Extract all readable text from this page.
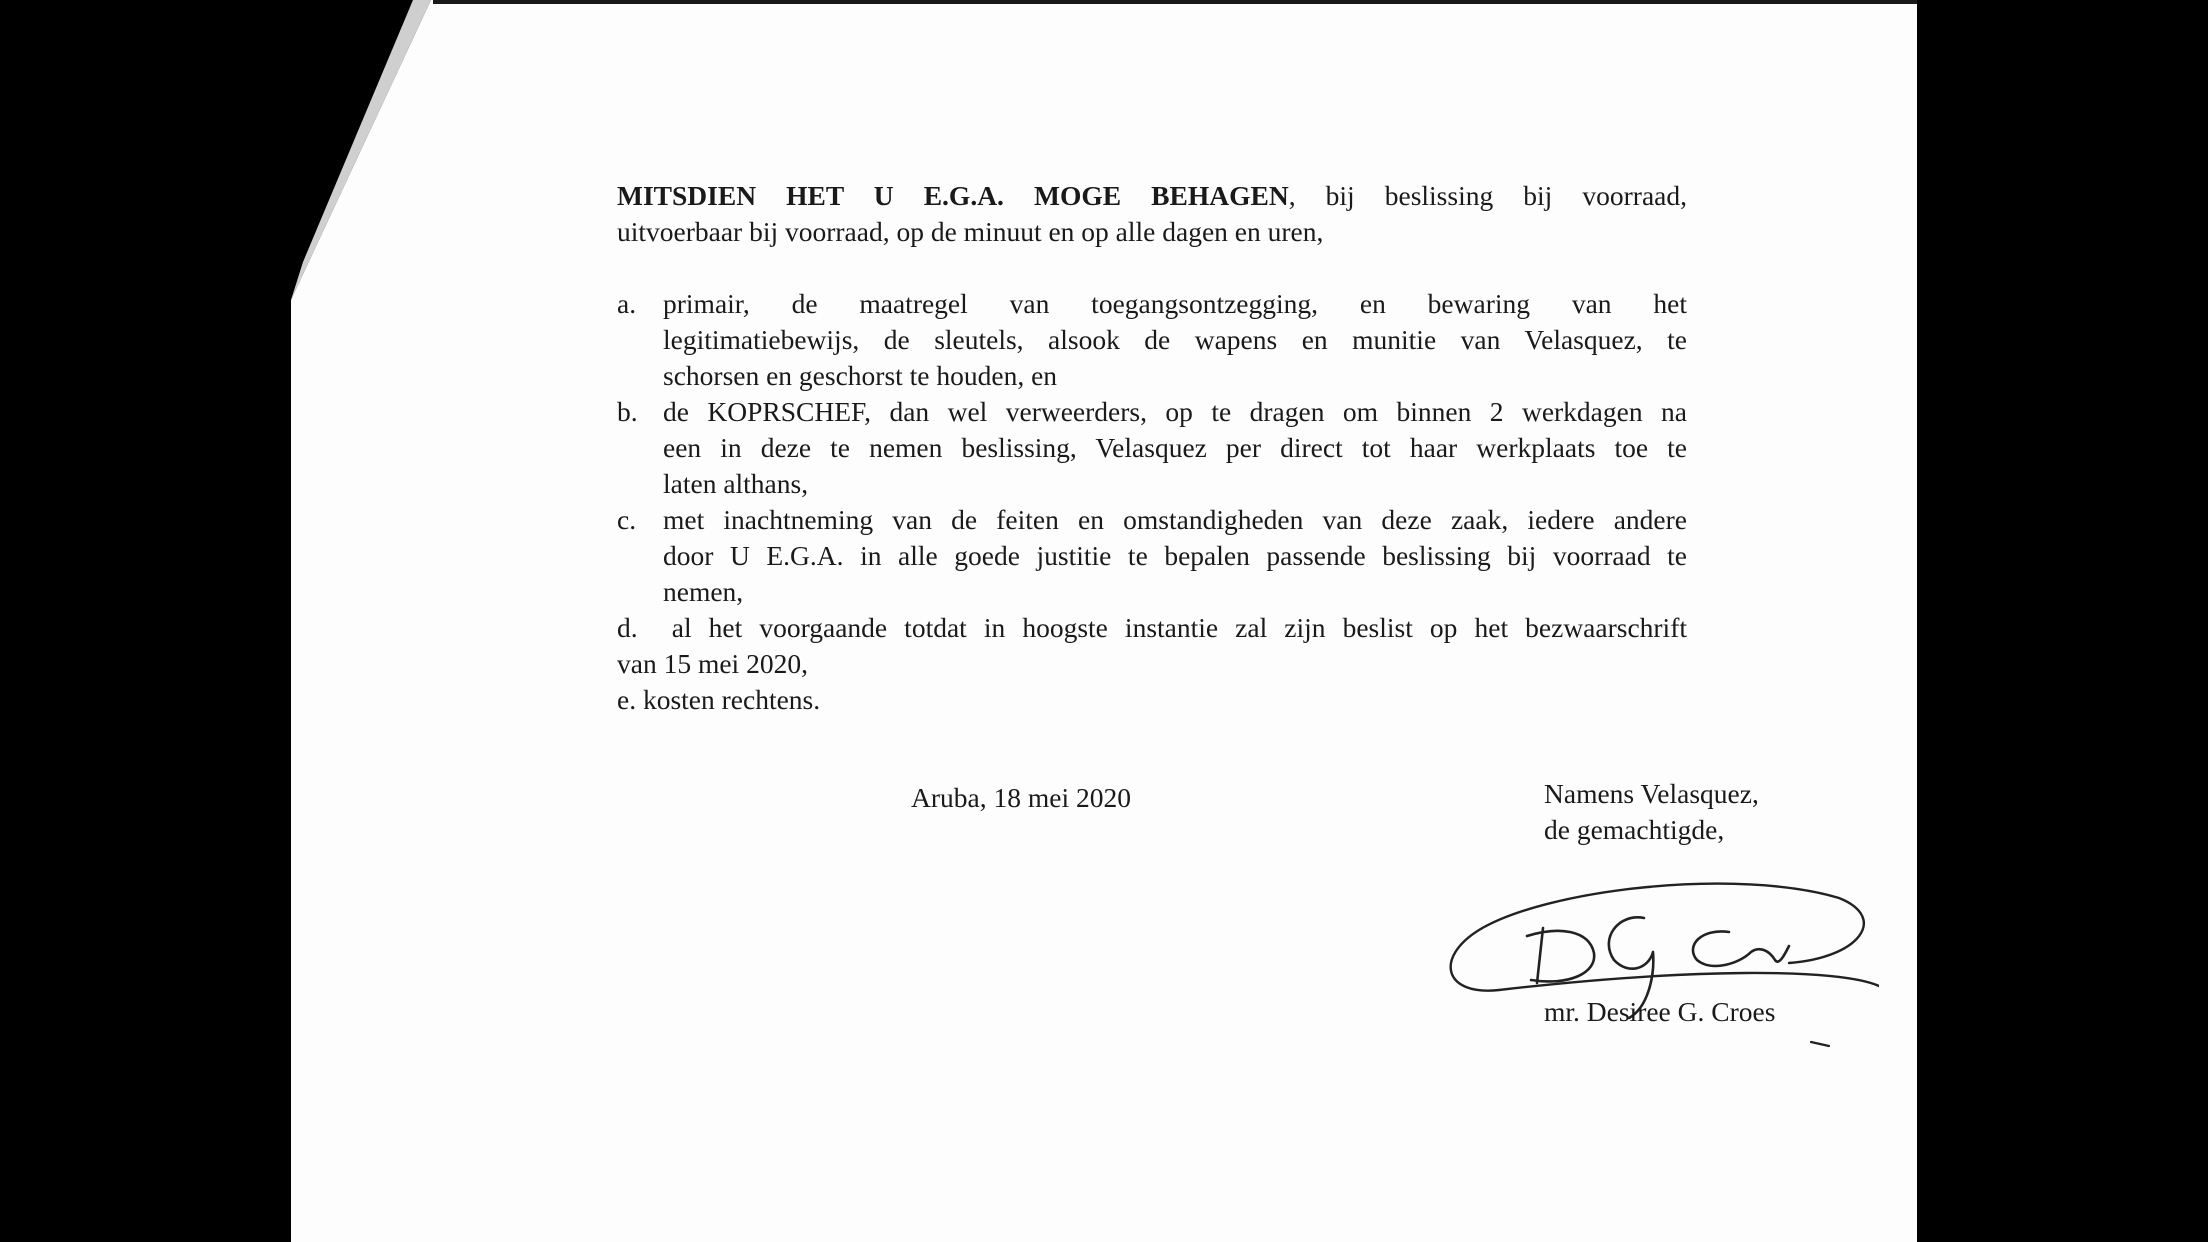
MITSDIEN HET U E.G.A. MOGE BEHAGEN, bij beslissing bij voorraad,
uitvoerbaar bij voorraad, op de minuut en op alle dagen en uren,
a. primair, de maatregel van toegangsontzegging, en bewaring van het
legitimatiebewijs, de sleutels, alsook de wapens en munitie van Velasquez, te
schorsen en geschorst te houden, en
b. de KOPRSCHEF, dan wel verweerders, op te dragen om binnen 2 werkdagen na
een in deze te nemen beslissing, Velasquez per direct tot haar werkplaats toe te
laten althans,
c. met inachtneming van de feiten en omstandigheden van deze zaak, iedere andere
door U E.G.A. in alle goede justitie te bepalen passende beslissing bij voorraad te
nemen,
d. al het voorgaande totdat in hoogste instantie zal zijn beslist op het bezwaarschrift
van 15 mei 2020,
e. kosten rechtens.
Aruba, 18 mei 2020	Namens Velasquez,
de gemachtigde,
mr. Desiree G. Croes
